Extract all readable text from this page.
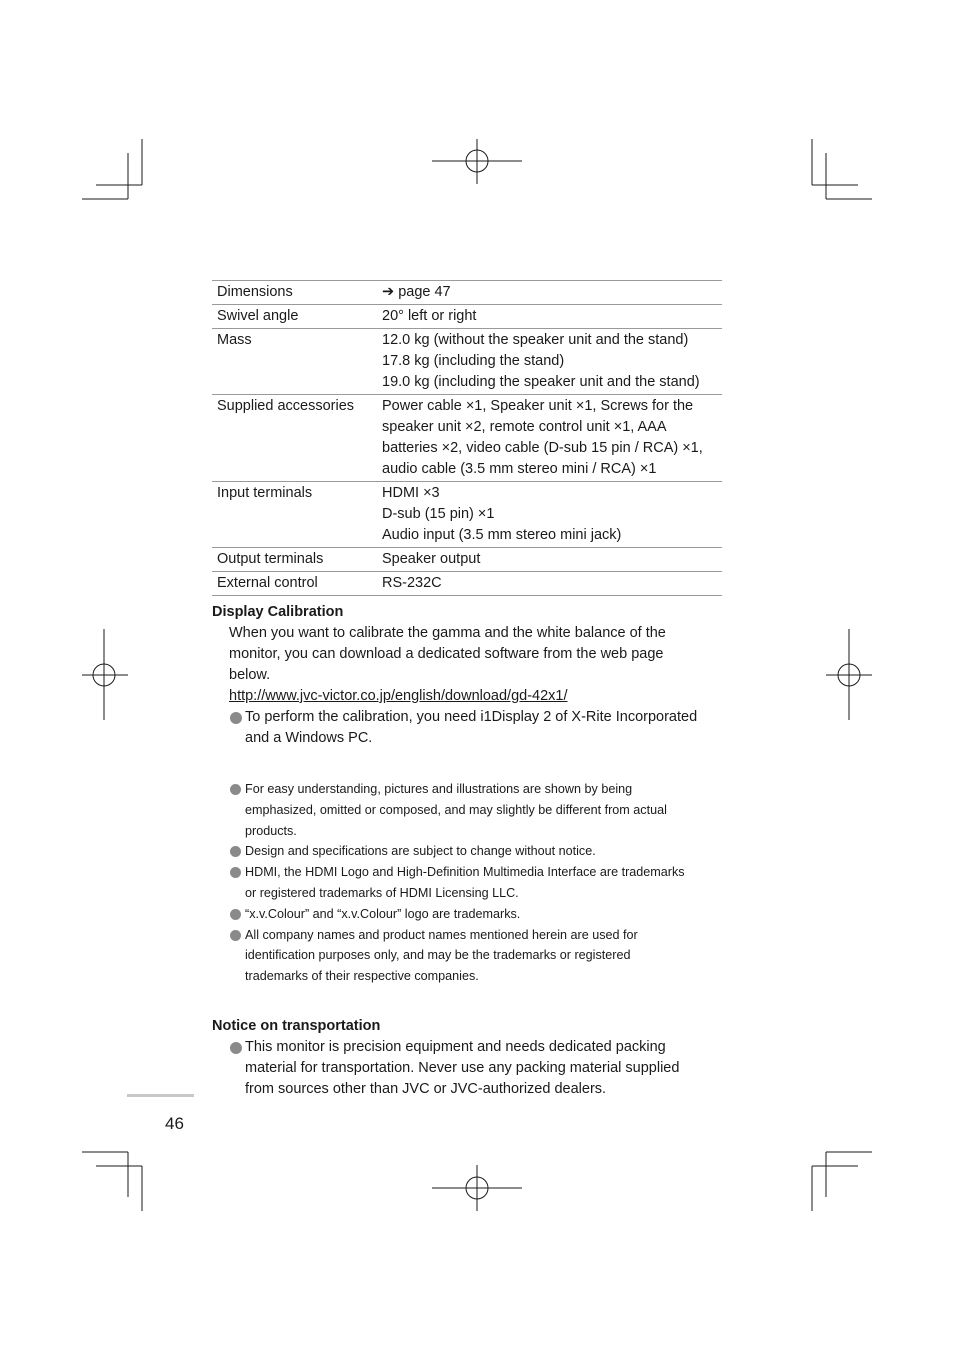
Dimensions	➔ page 47

Swivel angle	20° left or right

Mass	12.0 kg (without the speaker unit and the stand)
17.8 kg (including the stand)
19.0 kg (including the speaker unit and the stand)

Supplied accessories	Power cable ×1, Speaker unit ×1, Screws for the
speaker unit ×2, remote control unit ×1, AAA
batteries ×2, video cable (D-sub 15 pin / RCA) ×1,
audio cable (3.5 mm stereo mini / RCA) ×1

Input terminals	HDMI ×3
D-sub (15 pin) ×1
Audio input (3.5 mm stereo mini jack)

Output terminals	Speaker output

External control	RS-232C
Display Calibration

When you want to calibrate the gamma and the white balance of the

monitor, you can download a dedicated software from the web page

below.

http://www.jvc-victor.co.jp/english/download/gd-42x1/

To perform the calibration, you need i1Display 2 of X-Rite Incorporated
and a Windows PC.
For easy understanding, pictures and illustrations are shown by being
emphasized, omitted or composed, and may slightly be different from actual
products.
Design and specifications are subject to change without notice.
HDMI, the HDMI Logo and High-Definition Multimedia Interface are trademarks
or registered trademarks of HDMI Licensing LLC.
“x.v.Colour” and “x.v.Colour” logo are trademarks.
All company names and product names mentioned herein are used for
identification purposes only, and may be the trademarks or registered
trademarks of their respective companies.
Notice on transportation
This monitor is precision equipment and needs dedicated packing
material for transportation. Never use any packing material supplied
from sources other than JVC or JVC-authorized dealers.
46
